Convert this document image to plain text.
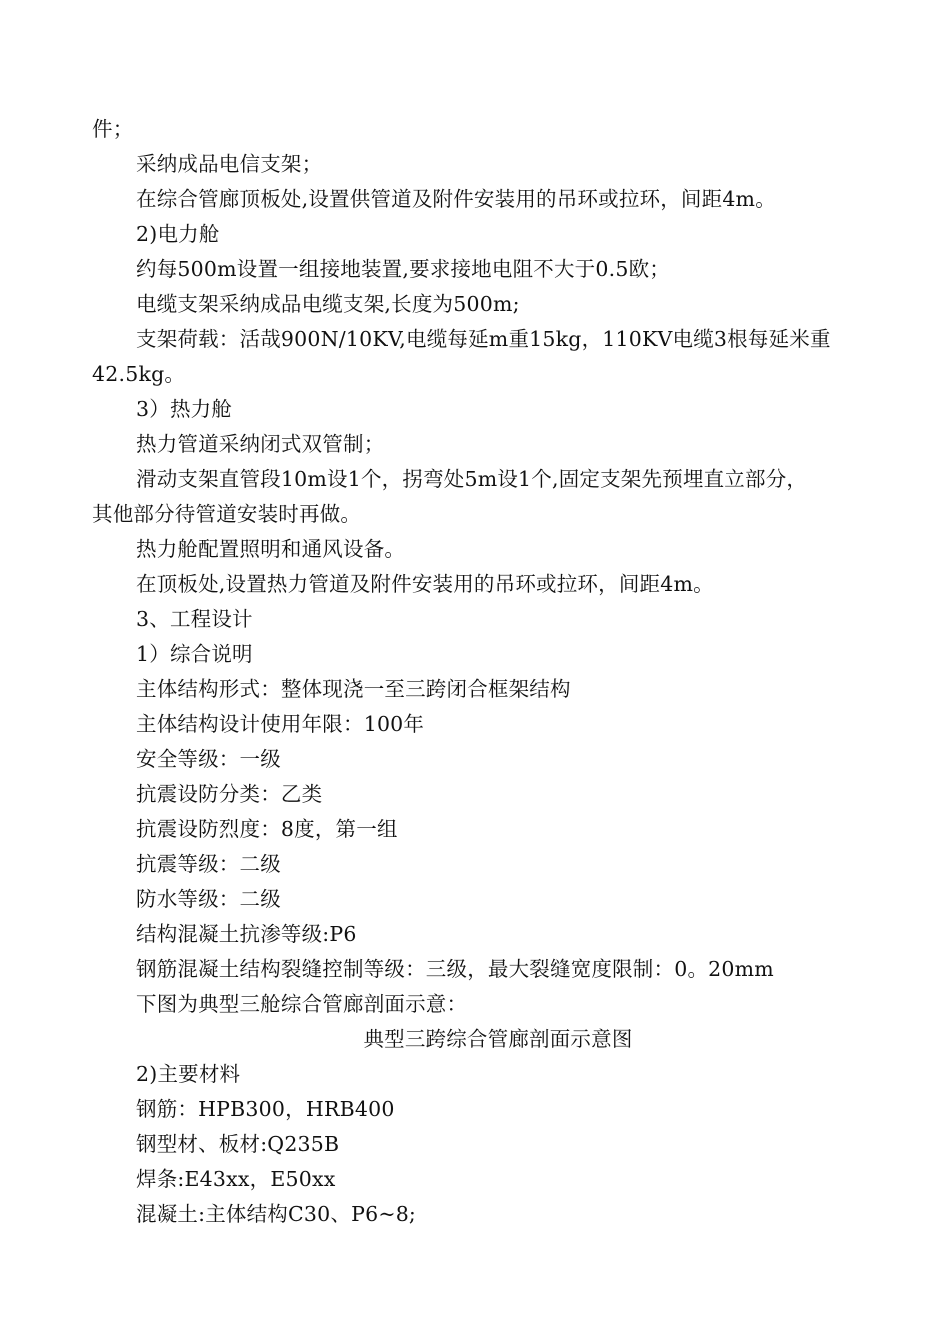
件；
采纳成品电信支架；
在综合管廊顶板处,设置供管道及附件安装用的吊环或拉环，间距4m。
2)电力舱
约每500m设置一组接地装置,要求接地电阻不大于0.5欧；
电缆支架采纳成品电缆支架,长度为500m;
支架荷载：活哉900N/10KV,电缆每延m重15kg，110KV电缆3根每延米重
42.5kg。
3）热力舱
热力管道采纳闭式双管制；
滑动支架直管段10m设1个，拐弯处5m设1个,固定支架先预埋直立部分，
其他部分待管道安装时再做。
热力舱配置照明和通风设备。
在顶板处,设置热力管道及附件安装用的吊环或拉环，间距4m。
3、工程设计
1）综合说明
主体结构形式：整体现浇一至三跨闭合框架结构
主体结构设计使用年限：100年
安全等级：一级
抗震设防分类：乙类
抗震设防烈度：8度，第一组
抗震等级：二级
防水等级：二级
结构混凝土抗渗等级:P6
钢筋混凝土结构裂缝控制等级：三级，最大裂缝宽度限制：0。20mm
下图为典型三舱综合管廊剖面示意：
典型三跨综合管廊剖面示意图
2)主要材料
钢筋：HPB300，HRB400
钢型材、板材:Q235B
焊条:E43xx，E50xx
混凝土:主体结构C30、P6~8;
